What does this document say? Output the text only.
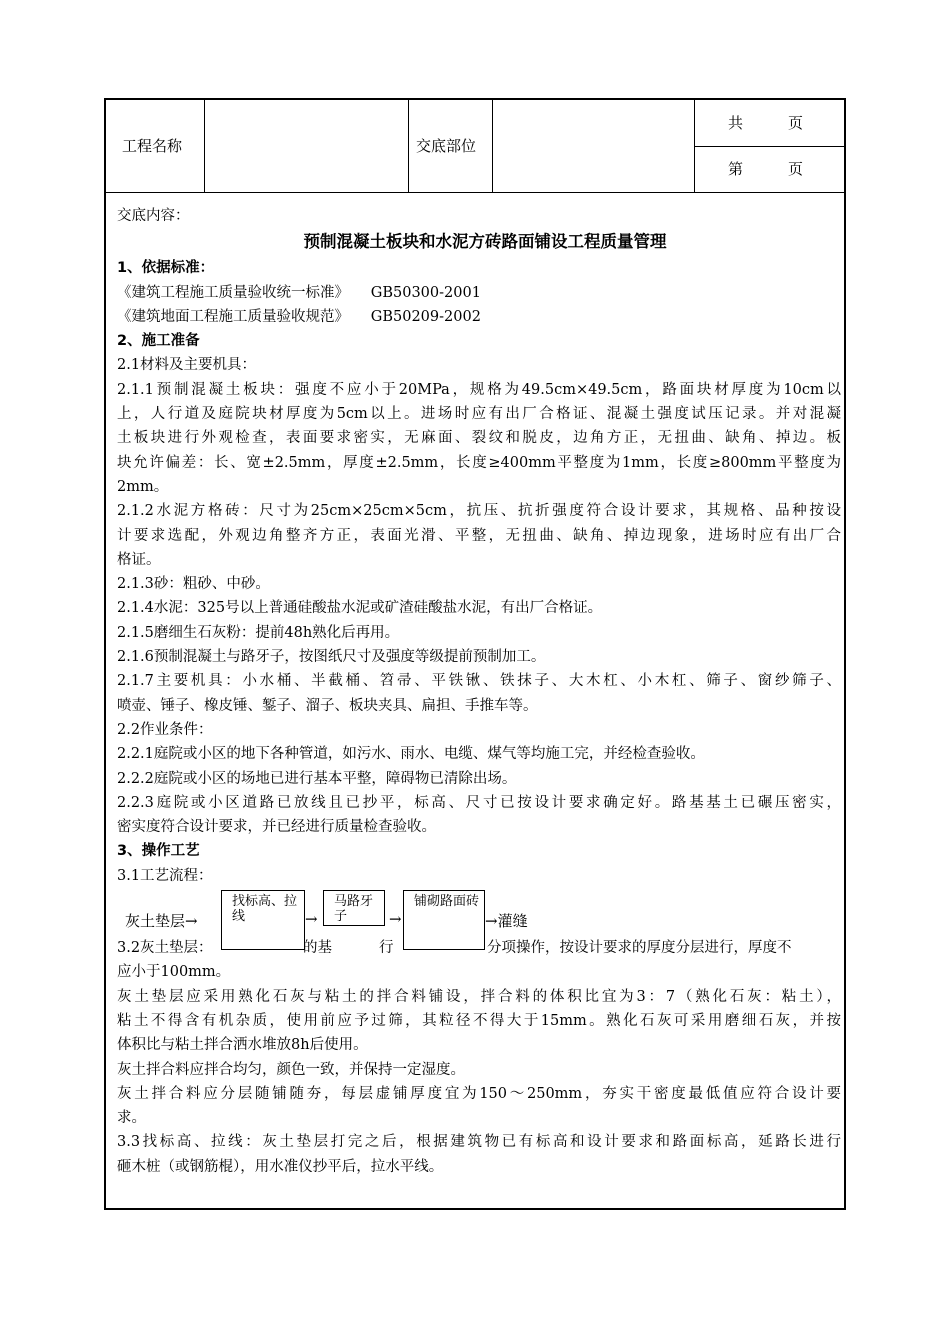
工程名称	交底部位
共　　　页
第　　　页
交底内容：
预制混凝土板块和水泥方砖路面铺设工程质量管理
1、依据标准：
《建筑工程施工质量验收统一标准》　　GB50300-2001
《建筑地面工程施工质量验收规范》　　GB50209-2002
2、施工准备
2.1材料及主要机具：
2.1.1预制混凝土板块：强度不应小于20MPa，规格为49.5cm×49.5cm，路面块材厚度为10cm以
上，人行道及庭院块材厚度为5cm以上。进场时应有出厂合格证、混凝土强度试压记录。并对混凝
土板块进行外观检查，表面要求密实，无麻面、裂纹和脱皮，边角方正，无扭曲、缺角、掉边。板
块允许偏差：长、宽±2.5mm，厚度±2.5mm，长度≥400mm平整度为1mm，长度≥800mm平整度为
2mm。
2.1.2水泥方格砖：尺寸为25cm×25cm×5cm，抗压、抗折强度符合设计要求，其规格、品种按设
计要求选配，外观边角整齐方正，表面光滑、平整，无扭曲、缺角、掉边现象，进场时应有出厂合
格证。
2.1.3砂：粗砂、中砂。
2.1.4水泥：325号以上普通硅酸盐水泥或矿渣硅酸盐水泥，有出厂合格证。
2.1.5磨细生石灰粉：提前48h熟化后再用。
2.1.6预制混凝土与路牙子，按图纸尺寸及强度等级提前预制加工。
2.1.7主要机具：小水桶、半截桶、笤帚、平铁锹、铁抹子、大木杠、小木杠、筛子、窗纱筛子、
喷壶、锤子、橡皮锤、錾子、溜子、板块夹具、扁担、手推车等。
2.2作业条件：
2.2.1庭院或小区的地下各种管道，如污水、雨水、电缆、煤气等均施工完，并经检查验收。
2.2.2庭院或小区的场地已进行基本平整，障碍物已清除出场。
2.2.3庭院或小区道路已放线且已抄平，标高、尺寸已按设计要求确定好。路基基土已碾压密实，
密实度符合设计要求，并已经进行质量检查验收。
3、操作工艺
3.1工艺流程：
灰土垫层→
找标高、拉线	→
马路牙子	→
铺砌路面砖
→灌缝
3.2灰土垫层：	的基	行	分项操作，按设计要求的厚度分层进行，厚度不
应小于100mm。
灰土垫层应采用熟化石灰与粘土的拌合料铺设，拌合料的体积比宜为3：7（熟化石灰：粘土），
粘土不得含有机杂质，使用前应予过筛，其粒径不得大于15mm。熟化石灰可采用磨细石灰，并按
体积比与粘土拌合洒水堆放8h后使用。
灰土拌合料应拌合均匀，颜色一致，并保持一定湿度。
灰土拌合料应分层随铺随夯，每层虚铺厚度宜为150～250mm，夯实干密度最低值应符合设计要
求。
3.3找标高、拉线：灰土垫层打完之后，根据建筑物已有标高和设计要求和路面标高，延路长进行
砸木桩（或钢筋棍），用水准仪抄平后，拉水平线。
